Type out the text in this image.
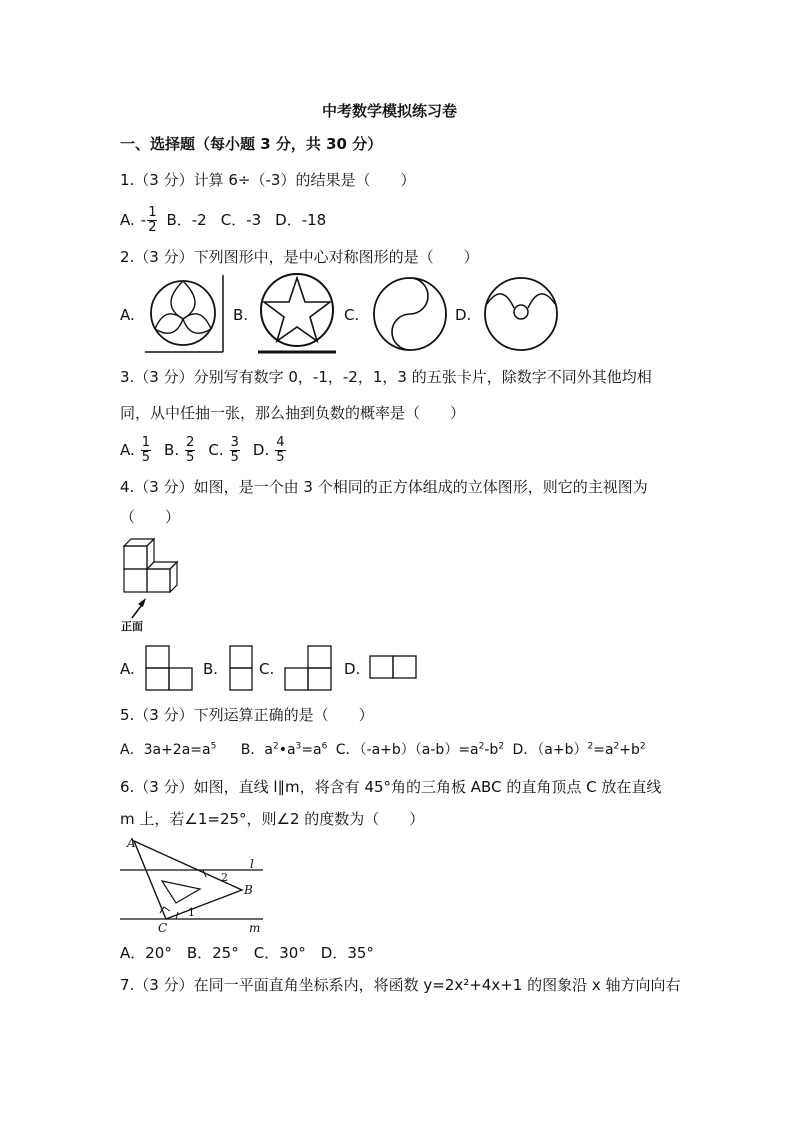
中考数学模拟练习卷
一、选择题（每小题 3 分，共 30 分）
1.（3 分）计算 6÷（-3）的结果是（　　）
A. - $\frac{1}{2}$ B．-2 C．-3 D．-18
2.（3 分）下列图形中，是中心对称图形的是（　　）
A.	B.	C.	D.
3.（3 分）分别写有数字 0，-1，-2，1，3 的五张卡片，除数字不同外其他均相
同，从中任抽一张，那么抽到负数的概率是（　　）
A. $\frac{1}{5} B$. $\frac{2}{5} C$. $\frac{3}{5} D$. $\frac{4}{5}$
4.（3 分）如图，是一个由 3 个相同的正方体组成的立体图形，则它的主视图为
（　　）
正面
A.	B.	C.	D.
5.（3 分）下列运算正确的是（　　）
A．$3a+2a=a^5$ B．$a^2•a^3=a^6$ C．$(-a+b)(a-b)=a^2-b^2$ D．$(a+b)^2=a^2+b^2$
6.（3 分）如图，直线 l∥m，将含有 45°角的三角板 ABC 的直角顶点 C 放在直线
m 上，若∠1=25°，则∠2 的度数为（　　）
A
B
C
l
m
1
2
A．20°　B．25°　C．30°　D．35°
7.（3 分）在同一平面直角坐标系内，将函数 y=2x²+4x+1 的图象沿 x 轴方向向右
